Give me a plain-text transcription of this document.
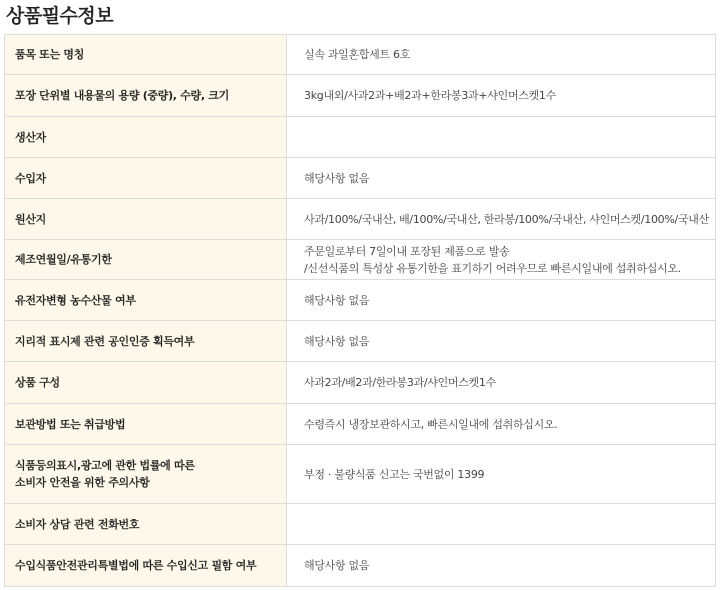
상품필수정보
품목 또는 명칭	실속 과일혼합세트 6호
포장 단위별 내용물의 용량 (중량), 수량, 크기	3kg내외/사과2과+배2과+한라봉3과+샤인머스켓1수
생산자	
수입자	해당사항 없음
원산지	사과/100%/국내산, 배/100%/국내산, 한라봉/100%/국내산, 샤인머스켓/100%/국내산
제조연월일/유통기한	주문일로부터 7일이내 포장된 제품으로 발송
/신선식품의 특성상 유통기한을 표기하기 어려우므로 빠른시일내에 섭취하십시오.
유전자변형 농수산물 여부	해당사항 없음
지리적 표시제 관련 공인인증 획득여부	해당사항 없음
상품 구성	사과2과/배2과/한라봉3과/샤인머스켓1수
보관방법 또는 취급방법	수령즉시 냉장보관하시고, 빠른시일내에 섭취하십시오.
식품등의표시,광고에 관한 법률에 따른
소비자 안전을 위한 주의사항	부정 · 불량식품 신고는 국번없이 1399
소비자 상담 관련 전화번호	
수입식품안전관리특별법에 따른 수입신고 필함 여부	해당사항 없음
